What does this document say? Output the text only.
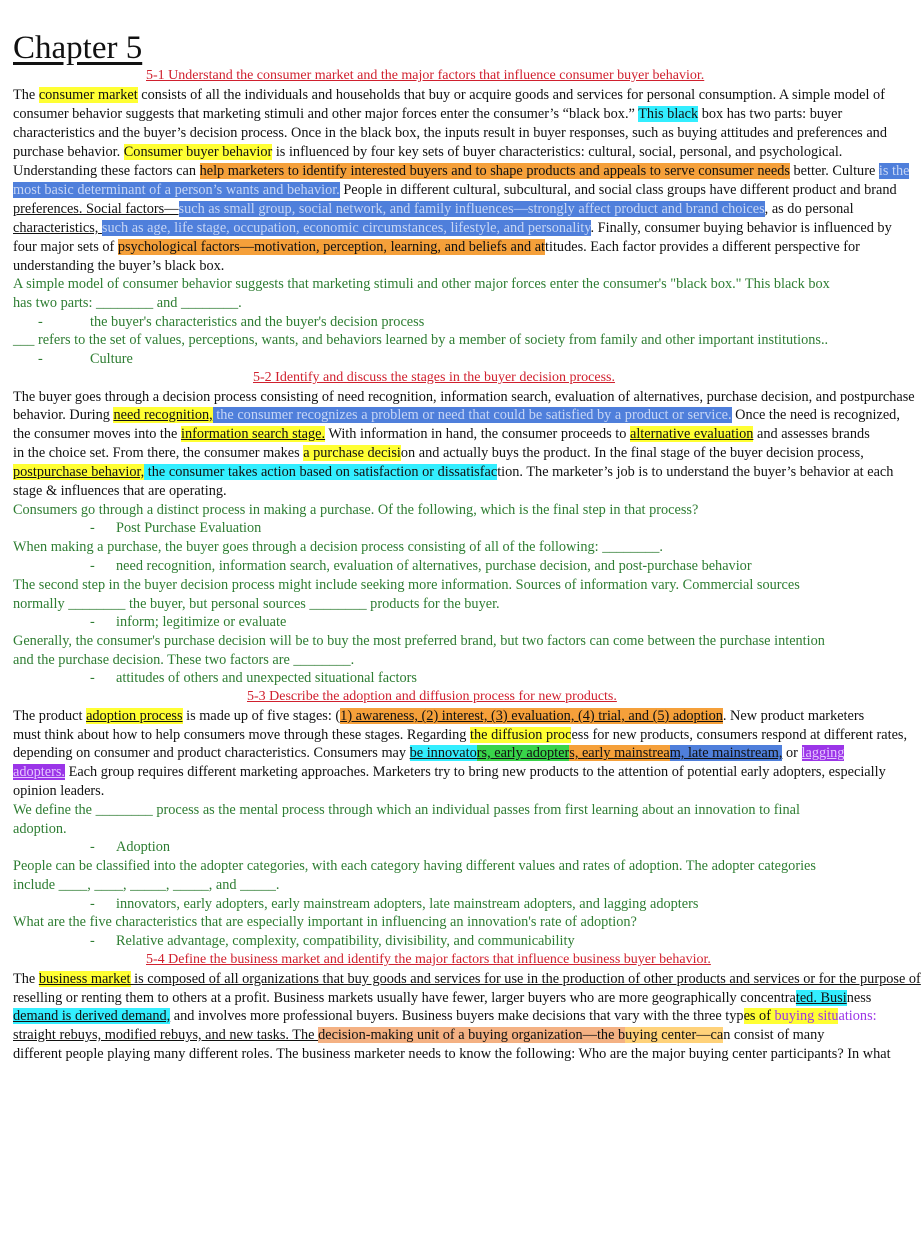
Chapter 5
5-1 Understand the consumer market and the major factors that influence consumer buyer behavior.
The consumer market consists of all the individuals and households that buy or acquire goods and services for personal consumption. A simple model of
consumer behavior suggests that marketing stimuli and other major forces enter the consumer’s “black box.” This black box has two parts: buyer
characteristics and the buyer’s decision process. Once in the black box, the inputs result in buyer responses, such as buying attitudes and preferences and
purchase behavior. Consumer buyer behavior is influenced by four key sets of buyer characteristics: cultural, social, personal, and psychological.
Understanding these factors can help marketers to identify interested buyers and to shape products and appeals to serve consumer needs better. Culture is the
most basic determinant of a person’s wants and behavior. People in different cultural, subcultural, and social class groups have different product and brand
preferences. Social factors—such as small group, social network, and family influences—strongly affect product and brand choices, as do personal
characteristics, such as age, life stage, occupation, economic circumstances, lifestyle, and personality. Finally, consumer buying behavior is influenced by
four major sets of psychological factors—motivation, perception, learning, and beliefs and attitudes. Each factor provides a different perspective for
understanding the buyer’s black box.
A simple model of consumer behavior suggests that marketing stimuli and other major forces enter the consumer's "black box." This black box
has two parts: ________ and ________.
-	the buyer's characteristics and the buyer's decision process
___ refers to the set of values, perceptions, wants, and behaviors learned by a member of society from family and other important institutions..
-	Culture
5-2 Identify and discuss the stages in the buyer decision process.
The buyer goes through a decision process consisting of need recognition, information search, evaluation of alternatives, purchase decision, and postpurchase
behavior. During need recognition, the consumer recognizes a problem or need that could be satisfied by a product or service. Once the need is recognized,
the consumer moves into the information search stage. With information in hand, the consumer proceeds to alternative evaluation and assesses brands
in the choice set. From there, the consumer makes a purchase decision and actually buys the product. In the final stage of the buyer decision process,
postpurchase behavior, the consumer takes action based on satisfaction or dissatisfaction. The marketer’s job is to understand the buyer’s behavior at each
stage & influences that are operating.
Consumers go through a distinct process in making a purchase. Of the following, which is the final step in that process?
- Post Purchase Evaluation
When making a purchase, the buyer goes through a decision process consisting of all of the following: ________.
- need recognition, information search, evaluation of alternatives, purchase decision, and post-purchase behavior
The second step in the buyer decision process might include seeking more information. Sources of information vary. Commercial sources
normally ________ the buyer, but personal sources ________ products for the buyer.
- inform; legitimize or evaluate
Generally, the consumer's purchase decision will be to buy the most preferred brand, but two factors can come between the purchase intention
and the purchase decision. These two factors are ________.
- attitudes of others and unexpected situational factors
5-3 Describe the adoption and diffusion process for new products.
The product adoption process is made up of five stages: (1) awareness, (2) interest, (3) evaluation, (4) trial, and (5) adoption. New product marketers
must think about how to help consumers move through these stages. Regarding the diffusion process for new products, consumers respond at different rates,
depending on consumer and product characteristics. Consumers may be innovators, early adopters, early mainstream, late mainstream, or lagging
adopters. Each group requires different marketing approaches. Marketers try to bring new products to the attention of potential early adopters, especially
opinion leaders.
We define the ________ process as the mental process through which an individual passes from first learning about an innovation to final
adoption.
- Adoption
People can be classified into the adopter categories, with each category having different values and rates of adoption. The adopter categories
include ____, ____, _____, _____, and _____.
- innovators, early adopters, early mainstream adopters, late mainstream adopters, and lagging adopters
What are the five characteristics that are especially important in influencing an innovation's rate of adoption?
- Relative advantage, complexity, compatibility, divisibility, and communicability
5-4 Define the business market and identify the major factors that influence business buyer behavior.
The business market is composed of all organizations that buy goods and services for use in the production of other products and services or for the purpose of
reselling or renting them to others at a profit. Business markets usually have fewer, larger buyers who are more geographically concentrated. Business
demand is derived demand, and involves more professional buyers. Business buyers make decisions that vary with the three types of buying situations:
straight rebuys, modified rebuys, and new tasks. The decision-making unit of a buying organization—the buying center—can consist of many
different people playing many different roles. The business marketer needs to know the following: Who are the major buying center participants? In what
